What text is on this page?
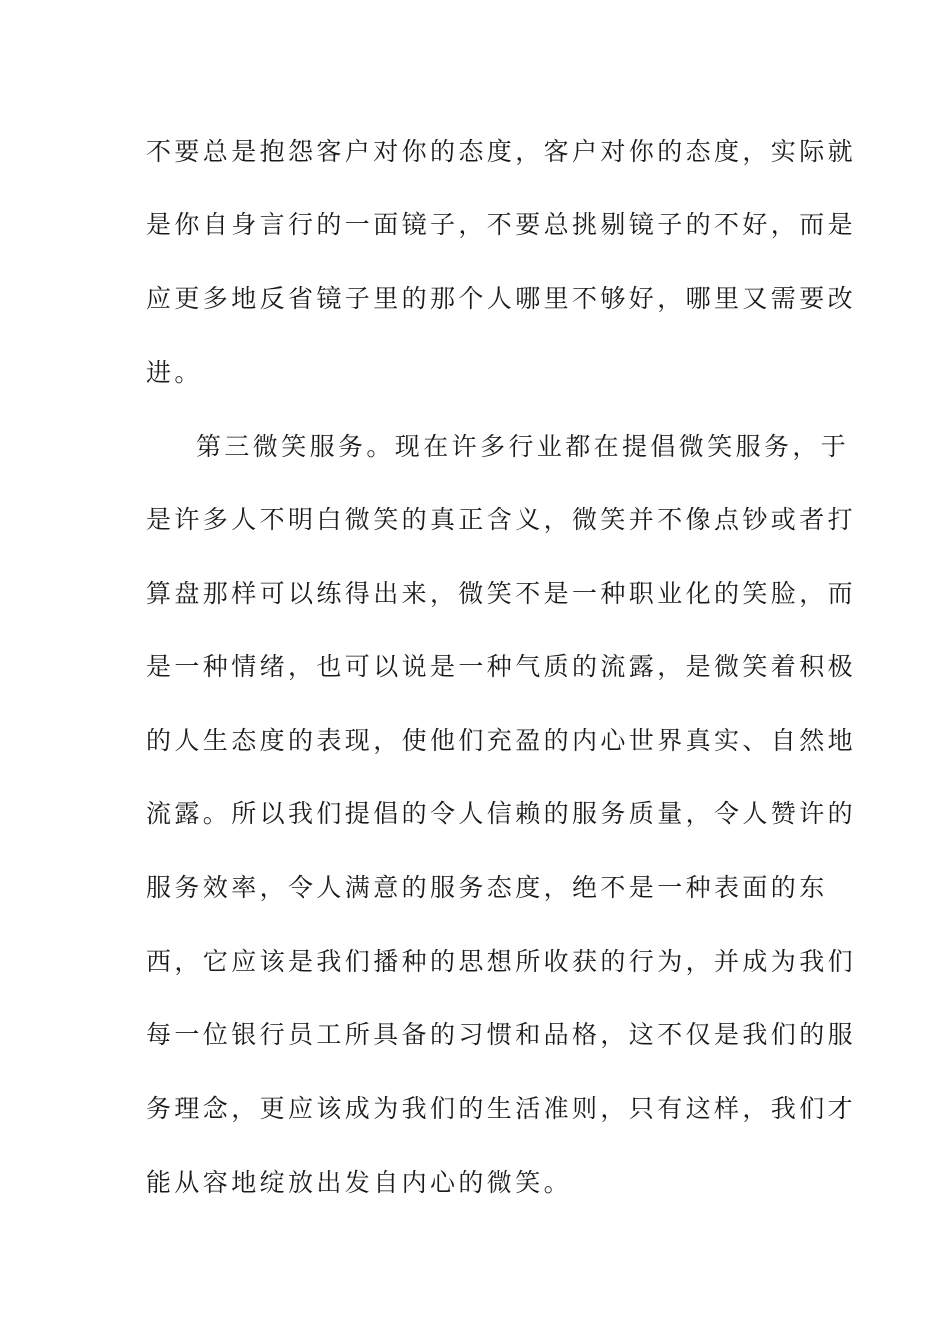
不要总是抱怨客户对你的态度，客户对你的态度，实际就
是你自身言行的一面镜子，不要总挑剔镜子的不好，而是
应更多地反省镜子里的那个人哪里不够好，哪里又需要改
进。
第三微笑服务。现在许多行业都在提倡微笑服务，于
是许多人不明白微笑的真正含义，微笑并不像点钞或者打
算盘那样可以练得出来，微笑不是一种职业化的笑脸，而
是一种情绪，也可以说是一种气质的流露，是微笑着积极
的人生态度的表现，使他们充盈的内心世界真实、自然地
流露。所以我们提倡的令人信赖的服务质量，令人赞许的
服务效率，令人满意的服务态度，绝不是一种表面的东
西，它应该是我们播种的思想所收获的行为，并成为我们
每一位银行员工所具备的习惯和品格，这不仅是我们的服
务理念，更应该成为我们的生活准则，只有这样，我们才
能从容地绽放出发自内心的微笑。
